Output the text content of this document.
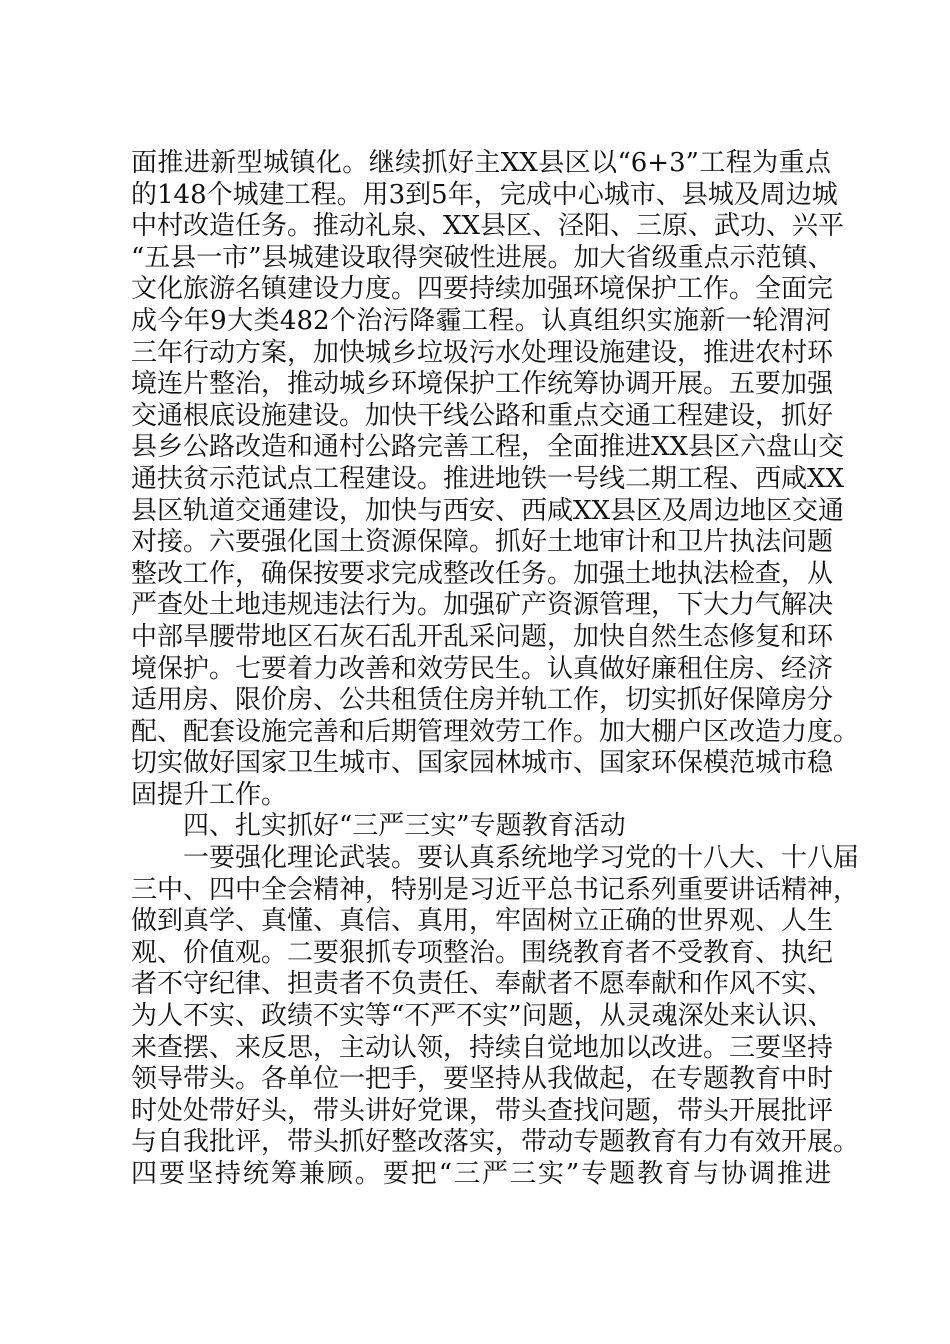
面推进新型城镇化。继续抓好主XX县区以“6+3”工程为重点
的148个城建工程。用3到5年，完成中心城市、县城及周边城
中村改造任务。推动礼泉、XX县区、泾阳、三原、武功、兴平
“五县一市”县城建设取得突破性进展。加大省级重点示范镇、
文化旅游名镇建设力度。四要持续加强环境保护工作。全面完
成今年9大类482个治污降霾工程。认真组织实施新一轮渭河
三年行动方案，加快城乡垃圾污水处理设施建设，推进农村环
境连片整治，推动城乡环境保护工作统筹协调开展。五要加强
交通根底设施建设。加快干线公路和重点交通工程建设，抓好
县乡公路改造和通村公路完善工程，全面推进XX县区六盘山交
通扶贫示范试点工程建设。推进地铁一号线二期工程、西咸XX
县区轨道交通建设，加快与西安、西咸XX县区及周边地区交通
对接。六要强化国土资源保障。抓好土地审计和卫片执法问题
整改工作，确保按要求完成整改任务。加强土地执法检查，从
严查处土地违规违法行为。加强矿产资源管理，下大力气解决
中部旱腰带地区石灰石乱开乱采问题，加快自然生态修复和环
境保护。七要着力改善和效劳民生。认真做好廉租住房、经济
适用房、限价房、公共租赁住房并轨工作，切实抓好保障房分
配、配套设施完善和后期管理效劳工作。加大棚户区改造力度。
切实做好国家卫生城市、国家园林城市、国家环保模范城市稳
固提升工作。
四、扎实抓好“三严三实”专题教育活动
一要强化理论武装。要认真系统地学习党的十八大、十八届
三中、四中全会精神，特别是习近平总书记系列重要讲话精神，
做到真学、真懂、真信、真用，牢固树立正确的世界观、人生
观、价值观。二要狠抓专项整治。围绕教育者不受教育、执纪
者不守纪律、担责者不负责任、奉献者不愿奉献和作风不实、
为人不实、政绩不实等“不严不实”问题，从灵魂深处来认识、
来查摆、来反思，主动认领，持续自觉地加以改进。三要坚持
领导带头。各单位一把手，要坚持从我做起，在专题教育中时
时处处带好头，带头讲好党课，带头查找问题，带头开展批评
与自我批评，带头抓好整改落实，带动专题教育有力有效开展。
四要坚持统筹兼顾。要把“三严三实”专题教育与协调推进
